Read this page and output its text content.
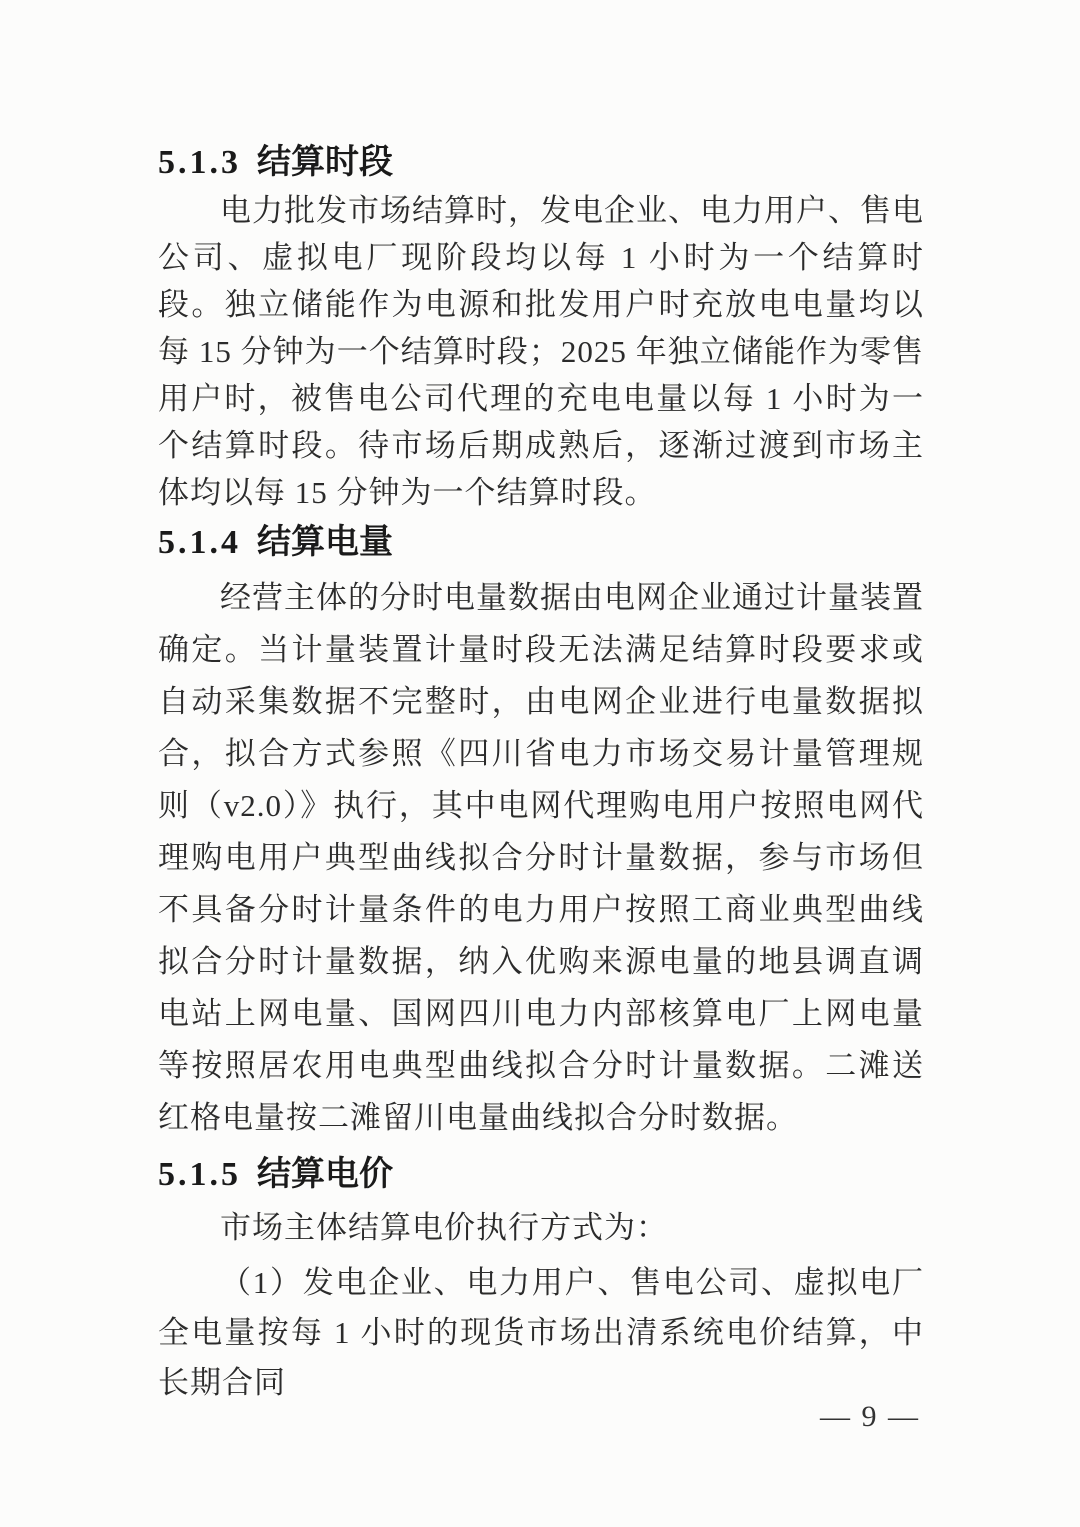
5.1.3 结算时段

电力批发市场结算时，发电企业、电力用户、售电公司、虚拟电厂现阶段均以每 1 小时为一个结算时段。独立储能作为电源和批发用户时充放电电量均以每 15 分钟为一个结算时段；2025 年独立储能作为零售用户时，被售电公司代理的充电电量以每 1 小时为一个结算时段。待市场后期成熟后，逐渐过渡到市场主体均以每 15 分钟为一个结算时段。

5.1.4 结算电量

经营主体的分时电量数据由电网企业通过计量装置确定。当计量装置计量时段无法满足结算时段要求或自动采集数据不完整时，由电网企业进行电量数据拟合，拟合方式参照《四川省电力市场交易计量管理规则（v2.0）》执行，其中电网代理购电用户按照电网代理购电用户典型曲线拟合分时计量数据，参与市场但不具备分时计量条件的电力用户按照工商业典型曲线拟合分时计量数据，纳入优购来源电量的地县调直调电站上网电量、国网四川电力内部核算电厂上网电量等按照居农用电典型曲线拟合分时计量数据。二滩送红格电量按二滩留川电量曲线拟合分时数据。

5.1.5 结算电价

市场主体结算电价执行方式为：

（1）发电企业、电力用户、售电公司、虚拟电厂全电量按每 1 小时的现货市场出清系统电价结算，中长期合同

— 9 —
